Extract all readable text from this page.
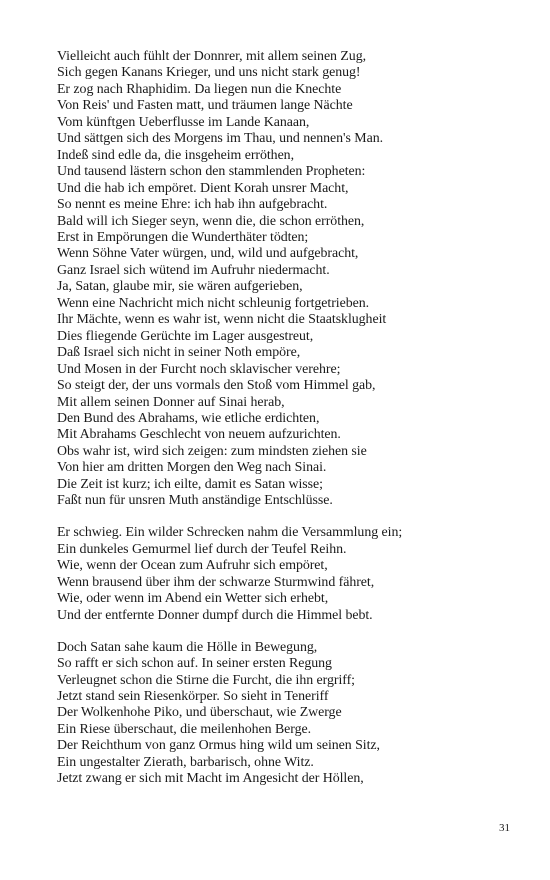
Vielleicht auch fühlt der Donnrer, mit allem seinen Zug,
Sich gegen Kanans Krieger, und uns nicht stark genug!
Er zog nach Rhaphidim. Da liegen nun die Knechte
Von Reis' und Fasten matt, und träumen lange Nächte
Vom künftgen Ueberflusse im Lande Kanaan,
Und sättgen sich des Morgens im Thau, und nennen's Man.
Indeß sind edle da, die insgeheim erröthen,
Und tausend lästern schon den stammlenden Propheten:
Und die hab ich empöret. Dient Korah unsrer Macht,
So nennt es meine Ehre: ich hab ihn aufgebracht.
Bald will ich Sieger seyn, wenn die, die schon erröthen,
Erst in Empörungen die Wunderthäter tödten;
Wenn Söhne Vater würgen, und, wild und aufgebracht,
Ganz Israel sich wütend im Aufruhr niedermacht.
Ja, Satan, glaube mir, sie wären aufgerieben,
Wenn eine Nachricht mich nicht schleunig fortgetrieben.
Ihr Mächte, wenn es wahr ist, wenn nicht die Staatsklugheit
Dies fliegende Gerüchte im Lager ausgestreut,
Daß Israel sich nicht in seiner Noth empöre,
Und Mosen in der Furcht noch sklavischer verehre;
So steigt der, der uns vormals den Stoß vom Himmel gab,
Mit allem seinen Donner auf Sinai herab,
Den Bund des Abrahams, wie etliche erdichten,
Mit Abrahams Geschlecht von neuem aufzurichten.
Obs wahr ist, wird sich zeigen: zum mindsten ziehen sie
Von hier am dritten Morgen den Weg nach Sinai.
Die Zeit ist kurz; ich eilte, damit es Satan wisse;
Faßt nun für unsren Muth anständige Entschlüsse.
Er schwieg. Ein wilder Schrecken nahm die Versammlung ein;
Ein dunkeles Gemurmel lief durch der Teufel Reihn.
Wie, wenn der Ocean zum Aufruhr sich empöret,
Wenn brausend über ihm der schwarze Sturmwind fähret,
Wie, oder wenn im Abend ein Wetter sich erhebt,
Und der entfernte Donner dumpf durch die Himmel bebt.
Doch Satan sahe kaum die Hölle in Bewegung,
So rafft er sich schon auf. In seiner ersten Regung
Verleugnet schon die Stirne die Furcht, die ihn ergriff;
Jetzt stand sein Riesenkörper. So sieht in Teneriff
Der Wolkenhohe Piko, und überschaut, wie Zwerge
Ein Riese überschaut, die meilenhohen Berge.
Der Reichthum von ganz Ormus hing wild um seinen Sitz,
Ein ungestalter Zierath, barbarisch, ohne Witz.
Jetzt zwang er sich mit Macht im Angesicht der Höllen,
31
